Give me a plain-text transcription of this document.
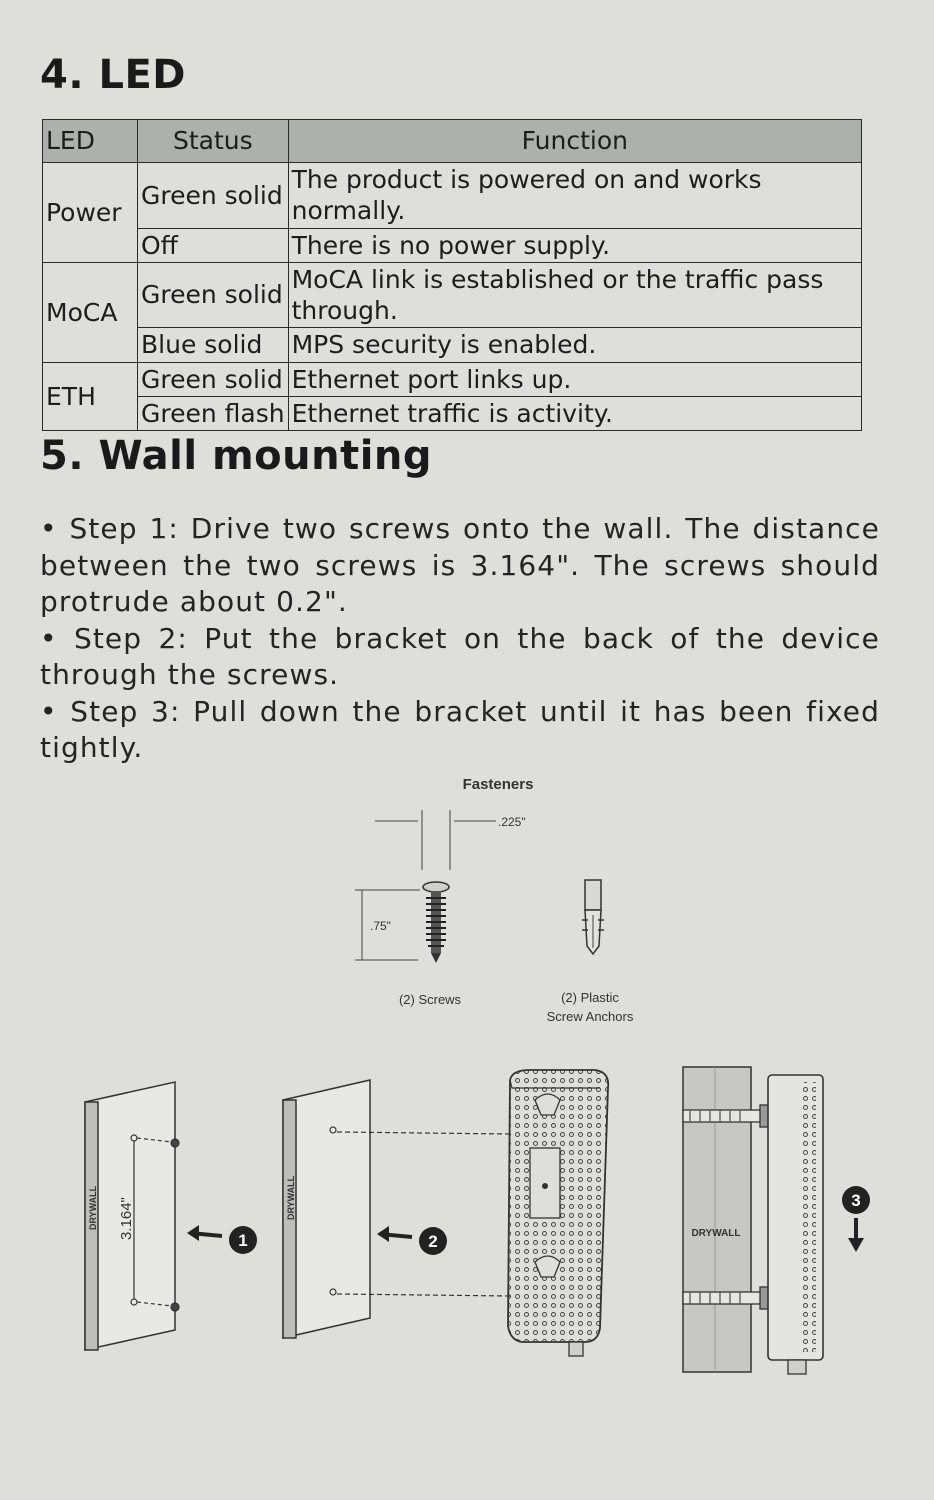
4. LED
LED	Status	Function
Power	Green solid	The product is powered on and works normally.
	Off	There is no power supply.
MoCA	Green solid	MoCA link is established or the traffic pass through.
	Blue solid	MPS security is enabled.
ETH	Green solid	Ethernet port links up.
	Green flash	Ethernet traffic is activity.
5. Wall mounting

• Step 1: Drive two screws onto the wall. The distance between the two screws is 3.164". The screws should protrude about 0.2".

• Step 2: Put the bracket on the back of the device through the screws.

• Step 3: Pull down the bracket until it has been fixed tightly.

Fasteners
.225"
.75"
(2) Screws	(2) Plastic
Screw Anchors
DRYWALL 3.164"
1
DRYWALL
2	DRYWALL
3
